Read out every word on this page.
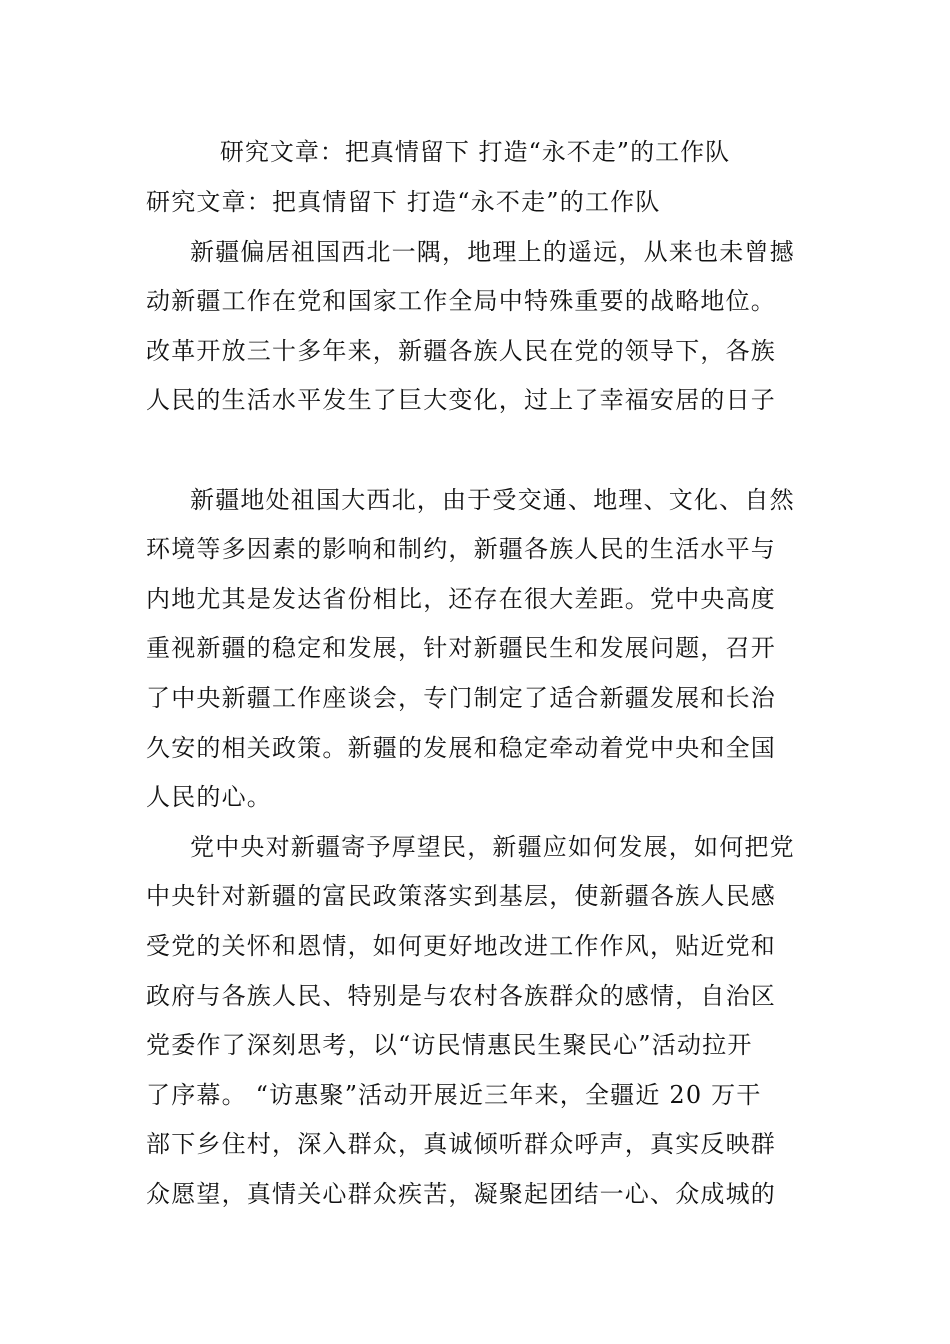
研究文章：把真情留下 打造“永不走”的工作队
研究文章：把真情留下 打造“永不走”的工作队
新疆偏居祖国西北一隅，地理上的遥远，从来也未曾撼
动新疆工作在党和国家工作全局中特殊重要的战略地位。
改革开放三十多年来，新疆各族人民在党的领导下，各族
人民的生活水平发生了巨大变化，过上了幸福安居的日子
新疆地处祖国大西北，由于受交通、地理、文化、自然
环境等多因素的影响和制约，新疆各族人民的生活水平与
内地尤其是发达省份相比，还存在很大差距。党中央高度
重视新疆的稳定和发展，针对新疆民生和发展问题，召开
了中央新疆工作座谈会，专门制定了适合新疆发展和长治
久安的相关政策。新疆的发展和稳定牵动着党中央和全国
人民的心。
党中央对新疆寄予厚望民，新疆应如何发展，如何把党
中央针对新疆的富民政策落实到基层，使新疆各族人民感
受党的关怀和恩情，如何更好地改进工作作风，贴近党和
政府与各族人民、特别是与农村各族群众的感情，自治区
党委作了深刻思考，以“访民情惠民生聚民心”活动拉开
了序幕。 “访惠聚”活动开展近三年来，全疆近 20 万干
部下乡住村，深入群众，真诚倾听群众呼声，真实反映群
众愿望，真情关心群众疾苦，凝聚起团结一心、众成城的
